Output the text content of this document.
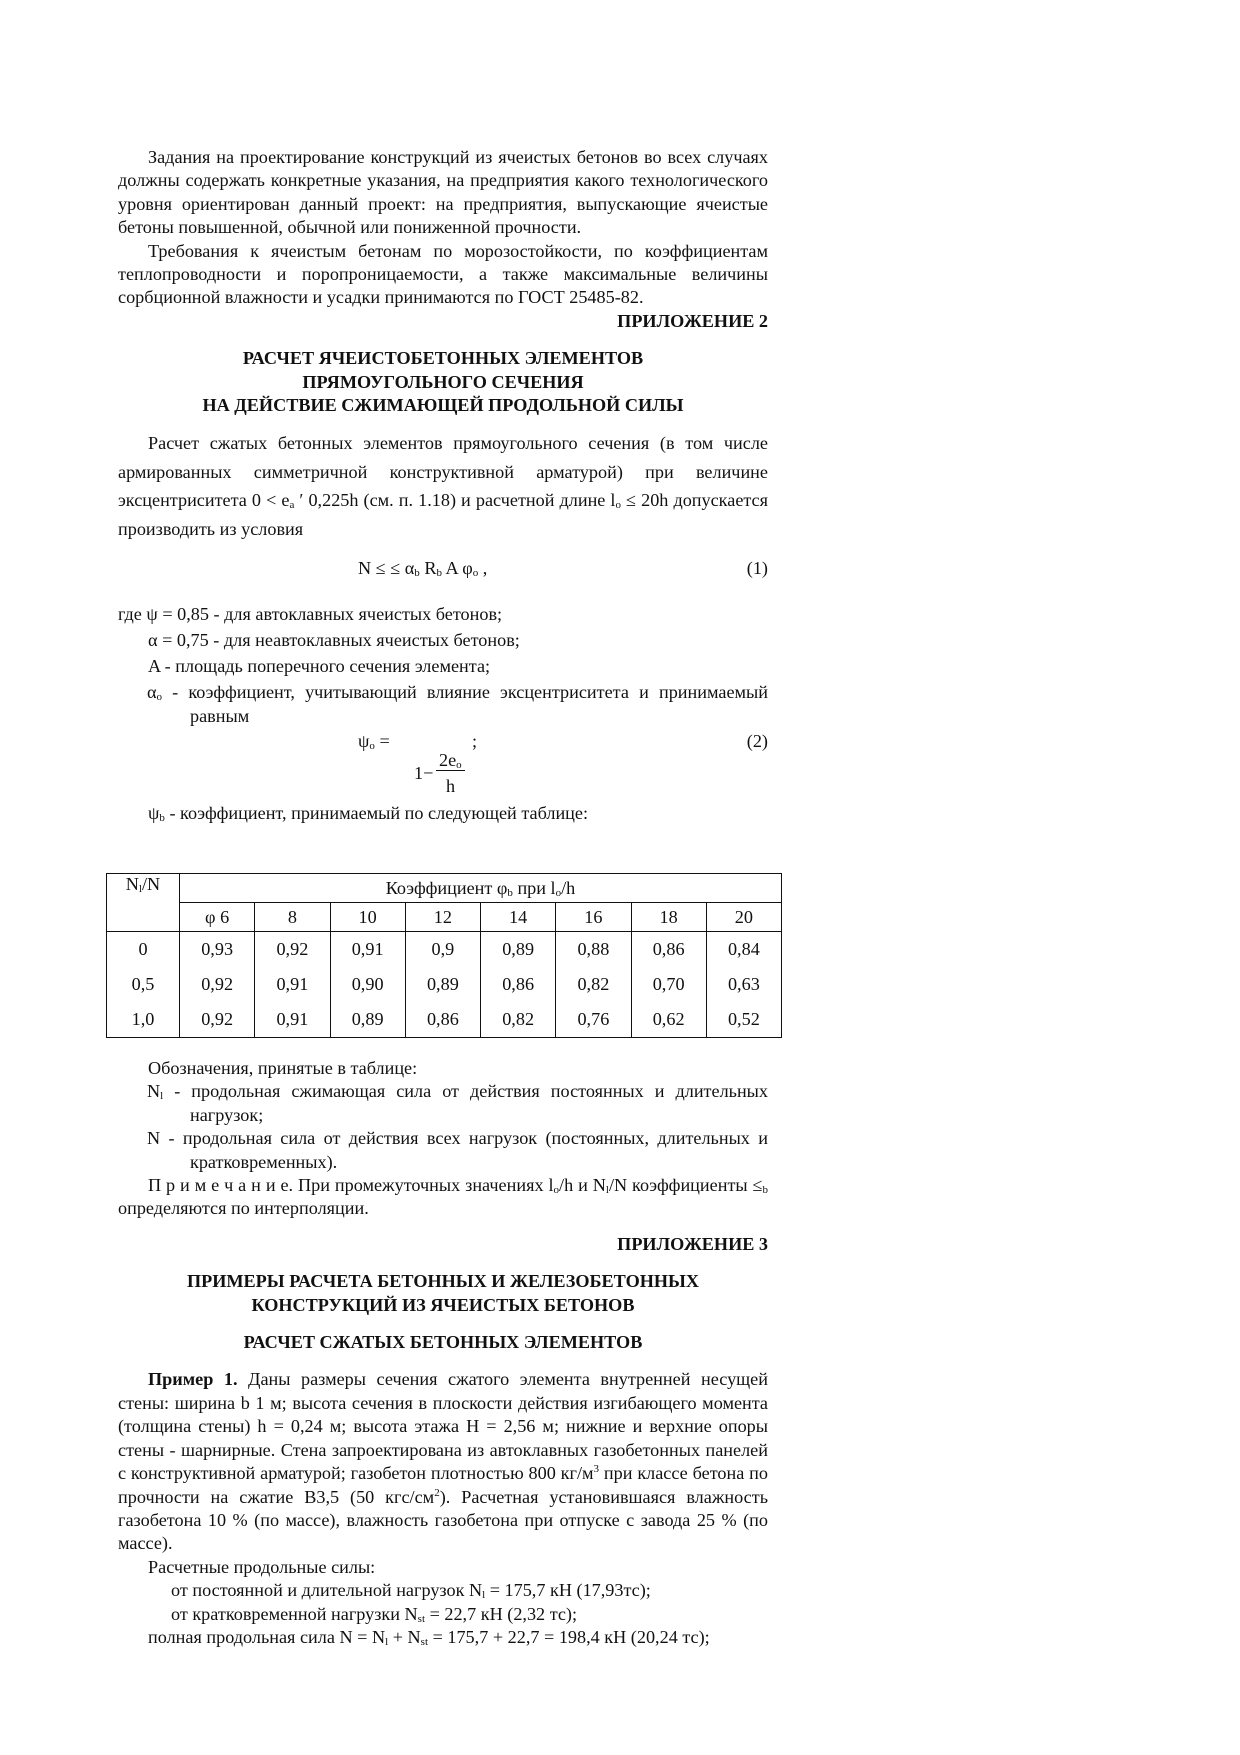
Задания на проектирование конструкций из ячеистых бетонов во всех случаях должны содержать конкретные указания, на предприятия какого технологического уровня ориентирован данный проект: на предприятия, выпускающие ячеистые бетоны повышенной, обычной или пониженной прочности.

Требования к ячеистым бетонам по морозостойкости, по коэффициентам теплопроводности и поропроницаемости, а также максимальные величины сорбционной влажности и усадки принимаются по ГОСТ 25485-82.

ПРИЛОЖЕНИЕ 2

РАСЧЕТ ЯЧЕИСТОБЕТОННЫХ ЭЛЕМЕНТОВ

ПРЯМОУГОЛЬНОГО СЕЧЕНИЯ

НА ДЕЙСТВИЕ СЖИМАЮЩЕЙ ПРОДОЛЬНОЙ СИЛЫ

Расчет сжатых бетонных элементов прямоугольного сечения (в том числе армированных симметричной конструктивной арматурой) при величине эксцентриситета $0 < e_a$ ′ 0,225h (см. п. 1.18) и расчетной длине $l_o \le 20h$ допускается производить из условия

N ≤ ≤ $\alpha_b$ $R_b$ A $\varphi_o$ ,	(1)

где ψ = 0,85 - для автоклавных ячеистых бетонов;

α = 0,75 - для неавтоклавных ячеистых бетонов;

A - площадь поперечного сечения элемента;

$\alpha_o$ - коэффициент, учитывающий влияние эксцентриситета и принимаемый равным

$\psi_o$ =	;	(2)
1−
$2e_o$
h

$\psi_b$ - коэффициент, принимаемый по следующей таблице:

$N_l/N$	Коэффициент $\varphi_b$ при $l_o/h$							
	φ 6	8	10	12	14	16	18	20
0	0,93	0,92	0,91	0,9	0,89	0,88	0,86	0,84
0,5	0,92	0,91	0,90	0,89	0,86	0,82	0,70	0,63
1,0	0,92	0,91	0,89	0,86	0,82	0,76	0,62	0,52

Обозначения, принятые в таблице:

$N_l$ - продольная сжимающая сила от действия постоянных и длительных нагрузок;

N - продольная сила от действия всех нагрузок (постоянных, длительных и кратковременных).

П р и м е ч а н и е. При промежуточных значениях $l_o/h$ и $N_l/N$ коэффициенты $\le_b$ определяются по интерполяции.

ПРИЛОЖЕНИЕ 3

ПРИМЕРЫ РАСЧЕТА БЕТОННЫХ И ЖЕЛЕЗОБЕТОННЫХ

КОНСТРУКЦИЙ ИЗ ЯЧЕИСТЫХ БЕТОНОВ

РАСЧЕТ СЖАТЫХ БЕТОННЫХ ЭЛЕМЕНТОВ

Пример 1. Даны размеры сечения сжатого элемента внутренней несущей стены: ширина b 1 м; высота сечения в плоскости действия изгибающего момента (толщина стены) h = 0,24 м; высота этажа H = 2,56 м; нижние и верхние опоры стены - шарнирные. Стена запроектирована из автоклавных газобетонных панелей с конструктивной арматурой; газобетон плотностью 800 $кг/м^3$ при классе бетона по прочности на сжатие B3,5 (50 кгс/$см^2$). Расчетная установившаяся влажность газобетона 10 % (по массе), влажность газобетона при отпуске с завода 25 % (по массе).

Расчетные продольные силы:

от постоянной и длительной нагрузок $N_l = 175,7$ кН (17,93тс);

от кратковременной нагрузки $N_{st} = 22,7$ кН (2,32 тс);

полная продольная сила $N = N_l + N_{st} = 175,7 + 22,7 = 198,4$ кН (20,24 тс);
